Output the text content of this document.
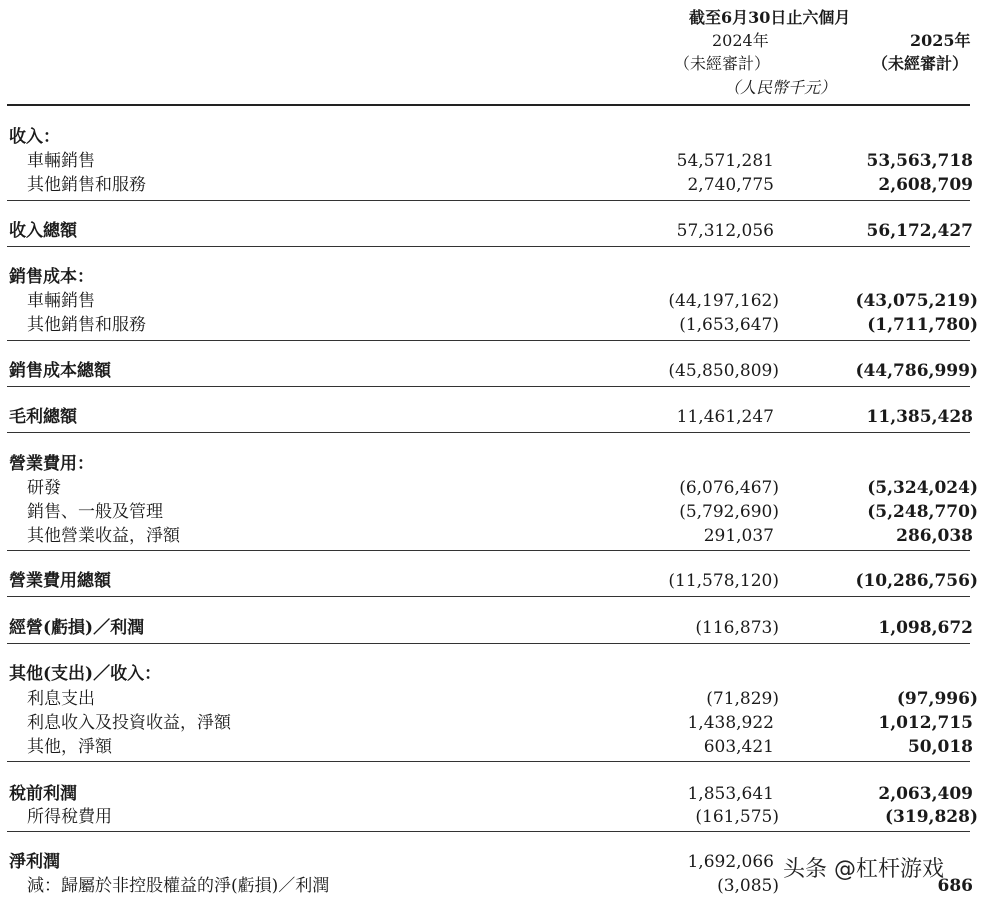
截至6月30日止六個月
2024年	2025年
（未經審計）	（未經審計）
（人民幣千元）
收入：
車輛銷售	54,571,281	53,563,718
其他銷售和服務	2,740,775	2,608,709
收入總額	57,312,056	56,172,427
銷售成本：
車輛銷售	(44,197,162)	(43,075,219)
其他銷售和服務	(1,653,647)	(1,711,780)
銷售成本總額	(45,850,809)	(44,786,999)
毛利總額	11,461,247	11,385,428
營業費用：
研發	(6,076,467)	(5,324,024)
銷售、一般及管理	(5,792,690)	(5,248,770)
其他營業收益，淨額	291,037	286,038
營業費用總額	(11,578,120)	(10,286,756)
經營(虧損)／利潤	(116,873)	1,098,672
其他(支出)／收入：
利息支出	(71,829)	(97,996)
利息收入及投資收益，淨額	1,438,922	1,012,715
其他，淨額	603,421	50,018
稅前利潤	1,853,641	2,063,409
所得稅費用	(161,575)	(319,828)
淨利潤	1,692,066
減：歸屬於非控股權益的淨(虧損)／利潤	(3,085)	686
头条 @杠杆游戏
